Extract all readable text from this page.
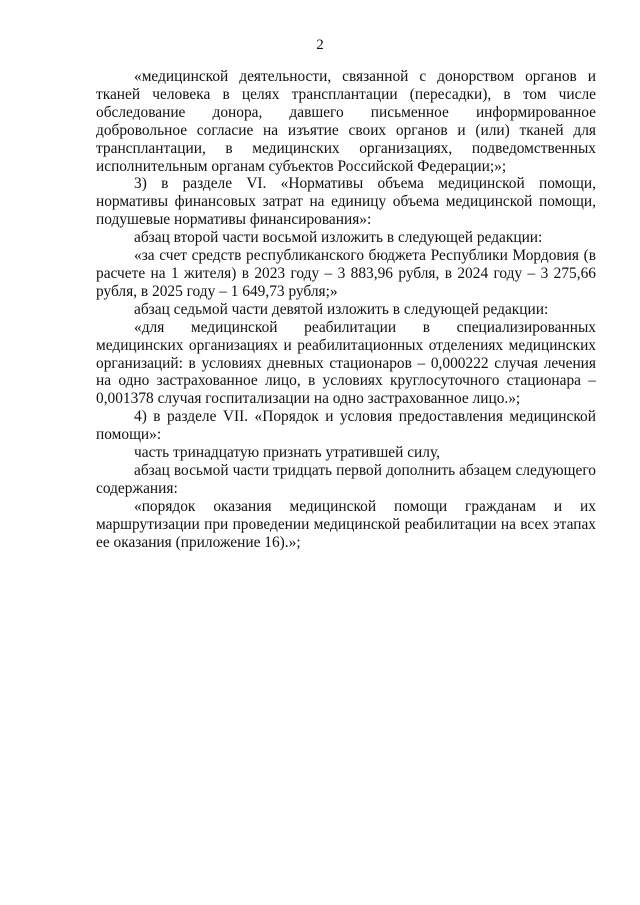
2

«медицинской деятельности, связанной с донорством органов и тканей человека в целях трансплантации (пересадки), в том числе обследование донора, давшего письменное информированное добровольное согласие на изъятие своих органов и (или) тканей для трансплантации, в медицинских организациях, подведомственных исполнительным органам субъектов Российской Федерации;»;

3) в разделе VI. «Нормативы объема медицинской помощи, нормативы финансовых затрат на единицу объема медицинской помощи, подушевые нормативы финансирования»:

абзац второй части восьмой изложить в следующей редакции:

«за счет средств республиканского бюджета Республики Мордовия (в расчете на 1 жителя) в 2023 году – 3 883,96 рубля, в 2024 году – 3 275,66 рубля, в 2025 году – 1 649,73 рубля;»

абзац седьмой части девятой изложить в следующей редакции:

«для медицинской реабилитации в специализированных медицинских организациях и реабилитационных отделениях медицинских организаций: в условиях дневных стационаров – 0,000222 случая лечения на одно застрахованное лицо, в условиях круглосуточного стационара – 0,001378 случая госпитализации на одно застрахованное лицо.»;

4) в разделе VII. «Порядок и условия предоставления медицинской помощи»:

часть тринадцатую признать утратившей силу,

абзац восьмой части тридцать первой дополнить абзацем следующего содержания:

«порядок оказания медицинской помощи гражданам и их маршрутизации при проведении медицинской реабилитации на всех этапах ее оказания (приложение 16).»;
